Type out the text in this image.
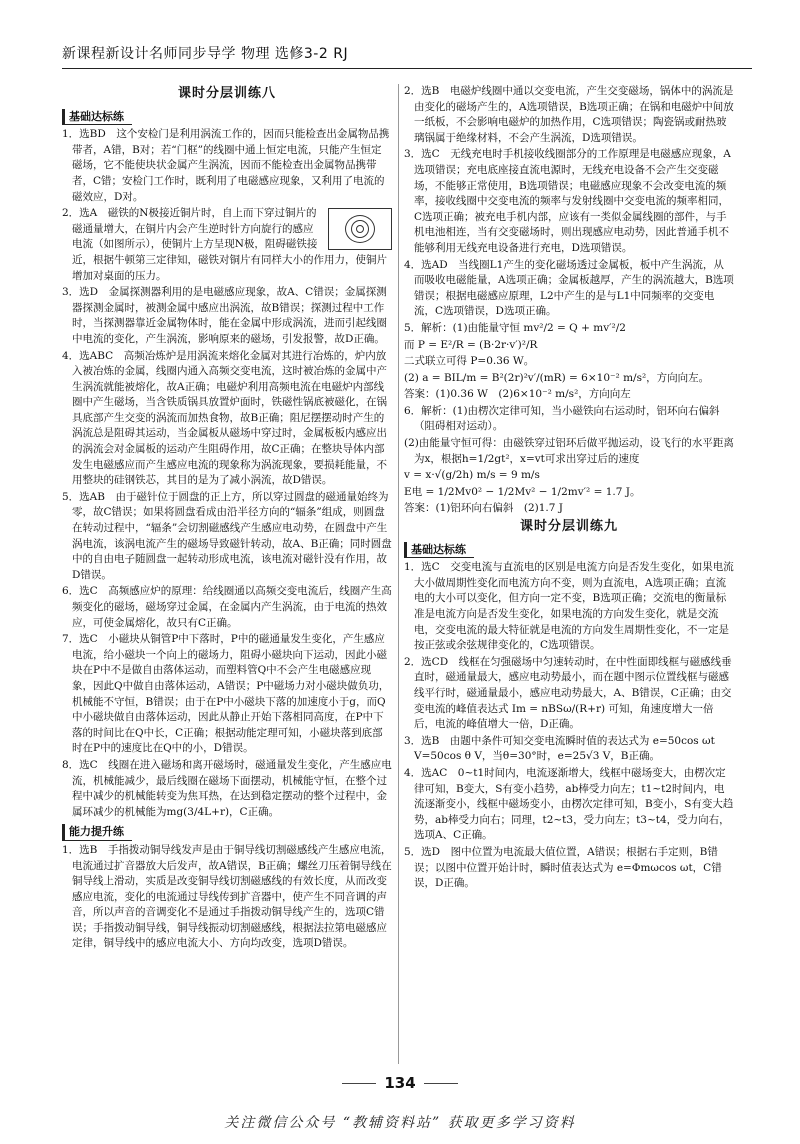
新课程新设计名师同步导学 物理 选修3-2 RJ
课时分层训练八
基础达标练
1．选BD　这个安检门是利用涡流工作的，因而只能检查出金属物品携带者，A错，B对；若“门框”的线圈中通上恒定电流，只能产生恒定磁场，它不能使块状金属产生涡流，因而不能检查出金属物品携带者，C错；安检门工作时，既利用了电磁感应现象，又利用了电流的磁效应，D对。
2．选A　磁铁的N极接近铜片时，自上而下穿过铜片的磁通量增大，在铜片内会产生逆时针方向旋行的感应电流（如图所示），使铜片上方呈现N极，阻碍磁铁接近，根据牛顿第三定律知，磁铁对铜片有同样大小的作用力，使铜片增加对桌面的压力。
3．选D　金属探测器利用的是电磁感应现象，故A、C错误；金属探测器探测金属时，被测金属中感应出涡流，故B错误；探测过程中工作时，当探测器靠近金属物体时，能在金属中形成涡流，进而引起线圈中电流的变化，产生涡流，影响原来的磁场，引发报警，故D正确。
4．选ABC　高频冶炼炉是用涡流来熔化金属对其进行冶炼的，炉内放入被冶炼的金属，线圈内通入高频交变电流，这时被冶炼的金属中产生涡流就能被熔化，故A正确；电磁炉利用高频电流在电磁炉内部线圈中产生磁场，当含铁质锅具放置炉面时，铁磁性锅底被磁化，在锅具底部产生交变的涡流而加热食物，故B正确；阻尼摆摆动时产生的涡流总是阻碍其运动，当金属板从磁场中穿过时，金属板板内感应出的涡流会对金属板的运动产生阻碍作用，故C正确；在整块导体内部发生电磁感应而产生感应电流的现象称为涡流现象，要损耗能量，不用整块的硅钢铁芯，其目的是为了减小涡流，故D错误。
5．选AB　由于磁针位于圆盘的正上方，所以穿过圆盘的磁通量始终为零，故C错误；如果将圆盘看成由沿半径方向的“辐条”组成，则圆盘在转动过程中，“辐条”会切割磁感线产生感应电动势，在圆盘中产生涡电流，该涡电流产生的磁场导致磁针转动，故A、B正确；同时圆盘中的自由电子随圆盘一起转动形成电流，该电流对磁针没有作用，故D错误。
6．选C　高频感应炉的原理：给线圈通以高频交变电流后，线圈产生高频变化的磁场，磁场穿过金属，在金属内产生涡流，由于电流的热效应，可使金属熔化，故只有C正确。
7．选C　小磁块从铜管P中下落时，P中的磁通量发生变化，产生感应电流，给小磁块一个向上的磁场力，阻碍小磁块向下运动，因此小磁块在P中不是做自由落体运动，而塑料管Q中不会产生电磁感应现象，因此Q中做自由落体运动，A错误；P中磁场力对小磁块做负功，机械能不守恒，B错误；由于在P中小磁块下落的加速度小于g，而Q中小磁块做自由落体运动，因此从静止开始下落相同高度，在P中下落的时间比在Q中长，C正确；根据动能定理可知，小磁块落到底部时在P中的速度比在Q中的小，D错误。
8．选C　线圈在进入磁场和离开磁场时，磁通量发生变化，产生感应电流，机械能减少，最后线圈在磁场下面摆动，机械能守恒，在整个过程中减少的机械能转变为焦耳热，在达到稳定摆动的整个过程中，金属环减少的机械能为mg(3/4L+r)，C正确。
能力提升练
1．选B　手指拨动铜导线发声是由于铜导线切割磁感线产生感应电流，电流通过扩音器放大后发声，故A错误，B正确；螺丝刀压着铜导线在铜导线上滑动，实质是改变铜导线切割磁感线的有效长度，从而改变感应电流，变化的电流通过导线传到扩音器中，使产生不同音调的声音，所以声音的音调变化不是通过手指拨动铜导线产生的，选项C错误；手指拨动铜导线，铜导线振动切割磁感线，根据法拉第电磁感应定律，铜导线中的感应电流大小、方向均改变，选项D错误。
2．选B　电磁炉线圈中通以交变电流，产生交变磁场，锅体中的涡流是由变化的磁场产生的，A选项错误，B选项正确；在锅和电磁炉中间放一纸板，不会影响电磁炉的加热作用，C选项错误；陶瓷锅或耐热玻璃锅属于绝缘材料，不会产生涡流，D选项错误。
3．选C　无线充电时手机接收线圈部分的工作原理是电磁感应现象，A选项错误；充电底座接直流电源时，无线充电设备不会产生交变磁场，不能够正常使用，B选项错误；电磁感应现象不会改变电流的频率，接收线圈中交变电流的频率与发射线圈中交变电流的频率相同，C选项正确；被充电手机内部，应该有一类似金属线圈的部件，与手机电池相连，当有交变磁场时，则出现感应电动势，因此普通手机不能够利用无线充电设备进行充电，D选项错误。
4．选AD　当线圈L1产生的变化磁场透过金属板，板中产生涡流，从而吸收电磁能量，A选项正确；金属板越厚，产生的涡流越大，B选项错误；根据电磁感应原理，L2中产生的是与L1中同频率的交变电流，C选项错误，D选项正确。
5．解析：(1)由能量守恒 mv²/2 = Q + mv′²/2
而 P = E²/R = (B·2r·v′)²/R
二式联立可得 P=0.36 W。
(2) a = BIL/m = B²(2r)²v′/(mR) = 6×10⁻² m/s²，方向向左。
答案：(1)0.36 W　(2)6×10⁻² m/s²，方向向左
6．解析：(1)由楞次定律可知，当小磁铁向右运动时，铝环向右偏斜（阻碍相对运动）。
(2)由能量守恒可得：由磁铁穿过铝环后做平抛运动，设飞行的水平距离为x，根据h=1/2gt²，x=vt可求出穿过后的速度
v = x·√(g/2h) m/s = 9 m/s
E电 = 1/2Mv0² − 1/2Mv² − 1/2mv′² = 1.7 J。
答案：(1)铝环向右偏斜　(2)1.7 J
课时分层训练九
基础达标练
1．选C　交变电流与直流电的区别是电流方向是否发生变化，如果电流大小做周期性变化而电流方向不变，则为直流电，A选项正确；直流电的大小可以变化，但方向一定不变，B选项正确；交流电的衡量标准是电流方向是否发生变化，如果电流的方向发生变化，就是交流电，交变电流的最大特征就是电流的方向发生周期性变化，不一定是按正弦或余弦规律变化的，C选项错误。
2．选CD　线框在匀强磁场中匀速转动时，在中性面即线框与磁感线垂直时，磁通量最大，感应电动势最小，而在题中图示位置线框与磁感线平行时，磁通量最小，感应电动势最大，A、B错误，C正确；由交变电流的峰值表达式 Im = nBSω/(R+r) 可知，角速度增大一倍后，电流的峰值增大一倍，D正确。
3．选B　由题中条件可知交变电流瞬时值的表达式为 e=50cos ωt V=50cos θ V，当θ=30°时，e=25√3 V，B正确。
4．选AC　0~t1时间内，电流逐渐增大，线框中磁场变大，由楞次定律可知，B变大，S有变小趋势，ab棒受力向左；t1~t2时间内，电流逐渐变小，线框中磁场变小，由楞次定律可知，B变小，S有变大趋势，ab棒受力向右；同理，t2~t3，受力向左；t3~t4，受力向右，选项A、C正确。
5．选D　图中位置为电流最大值位置，A错误；根据右手定则，B错误；以图中位置开始计时，瞬时值表达式为 e=Φmωcos ωt，C错误，D正确。
134
关注微信公众号 “教辅资料站” 获取更多学习资料
